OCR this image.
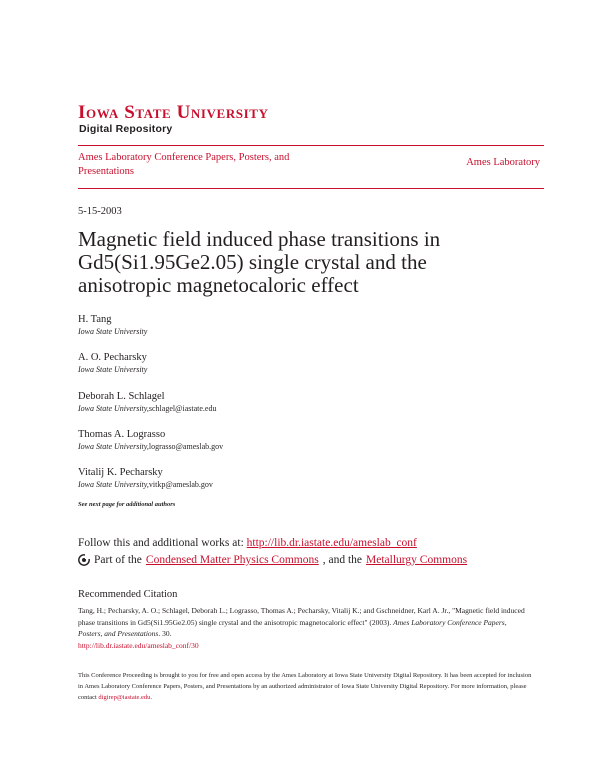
Iowa State University
Digital Repository
Ames Laboratory Conference Papers, Posters, and Presentations
Ames Laboratory
5-15-2003
Magnetic field induced phase transitions in Gd5(Si1.95Ge2.05) single crystal and the anisotropic magnetocaloric effect
H. Tang
Iowa State University
A. O. Pecharsky
Iowa State University
Deborah L. Schlagel
Iowa State University,schlagel@iastate.edu
Thomas A. Lograsso
Iowa State University,lograsso@ameslab.gov
Vitalij K. Pecharsky
Iowa State University,vitkp@ameslab.gov
See next page for additional authors
Follow this and additional works at: http://lib.dr.iastate.edu/ameslab_conf
Part of the Condensed Matter Physics Commons , and the Metallurgy Commons
Recommended Citation
Tang, H.; Pecharsky, A. O.; Schlagel, Deborah L.; Lograsso, Thomas A.; Pecharsky, Vitalij K.; and Gschneidner, Karl A. Jr., "Magnetic field induced phase transitions in Gd5(Si1.95Ge2.05) single crystal and the anisotropic magnetocaloric effect" (2003). Ames Laboratory Conference Papers, Posters, and Presentations. 30.
http://lib.dr.iastate.edu/ameslab_conf/30
This Conference Proceeding is brought to you for free and open access by the Ames Laboratory at Iowa State University Digital Repository. It has been accepted for inclusion in Ames Laboratory Conference Papers, Posters, and Presentations by an authorized administrator of Iowa State University Digital Repository. For more information, please contact digirep@iastate.edu.
